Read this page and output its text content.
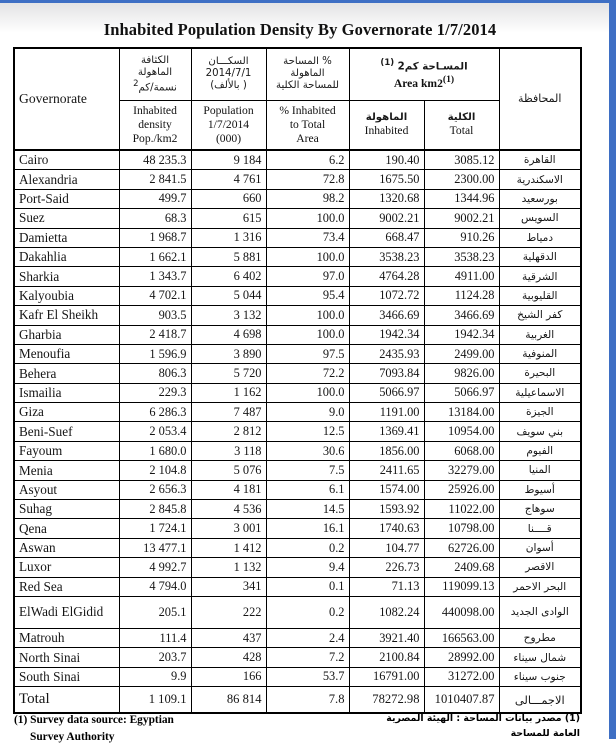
Inhabited Population Density By Governorate 1/7/2014
Governorate	
الكثافة
الماهولة
نسمة/كم$^2$

السكـــان
2014/7/1
( بالألف)

% المساحة
الماهولة
للمساحة الكلية

المسـاحة كم2 $^{(1)}$
Area km2$^{(1)}$
	المحافظة

Inhabited
density
Pop./km2

Population
1/7/2014
(000)

% Inhabited
to Total
Area

الماهولة
Inhabited

الكلية
Total

Cairo	48 235.3	9 184	6.2	190.40	3085.12	القاهرة
Alexandria	2 841.5	4 761	72.8	1675.50	2300.00	الاسكندرية
Port-Said	499.7	660	98.2	1320.68	1344.96	بورسعيد
Suez	68.3	615	100.0	9002.21	9002.21	السويس
Damietta	1 968.7	1 316	73.4	668.47	910.26	دمياط
Dakahlia	1 662.1	5 881	100.0	3538.23	3538.23	الدقهلية
Sharkia	1 343.7	6 402	97.0	4764.28	4911.00	الشرقية
Kalyoubia	4 702.1	5 044	95.4	1072.72	1124.28	القليوبية
Kafr El Sheikh	903.5	3 132	100.0	3466.69	3466.69	كفر الشيخ
Gharbia	2 418.7	4 698	100.0	1942.34	1942.34	الغربية
Menoufia	1 596.9	3 890	97.5	2435.93	2499.00	المنوفية
Behera	806.3	5 720	72.2	7093.84	9826.00	البحيرة
Ismailia	229.3	1 162	100.0	5066.97	5066.97	الاسماعيلية
Giza	6 286.3	7 487	9.0	1191.00	13184.00	الجيزة
Beni-Suef	2 053.4	2 812	12.5	1369.41	10954.00	بني سويف
Fayoum	1 680.0	3 118	30.6	1856.00	6068.00	الفيوم
Menia	2 104.8	5 076	7.5	2411.65	32279.00	المنيا
Asyout	2 656.3	4 181	6.1	1574.00	25926.00	أسيوط
Suhag	2 845.8	4 536	14.5	1593.92	11022.00	سوهاج
Qena	1 724.1	3 001	16.1	1740.63	10798.00	قــــنا
Aswan	13 477.1	1 412	0.2	104.77	62726.00	أسوان
Luxor	4 992.7	1 132	9.4	226.73	2409.68	الاقصر
Red Sea	4 794.0	341	0.1	71.13	119099.13	البحر الاحمر
ElWadi ElGidid	205.1	222	0.2	1082.24	440098.00	الوادى الجديد
Matrouh	111.4	437	2.4	3921.40	166563.00	مطروح
North Sinai	203.7	428	7.2	2100.84	28992.00	شمال سيناء
South Sinai	9.9	166	53.7	16791.00	31272.00	جنوب سيناء
Total	1 109.1	86 814	7.8	78272.98	1010407.87	الاجمـــالى
(1) Survey data source: Egyptian
Survey Authority
(1) مصدر بيانات المساحة : الهيئة المصرية
العامة للمساحة
